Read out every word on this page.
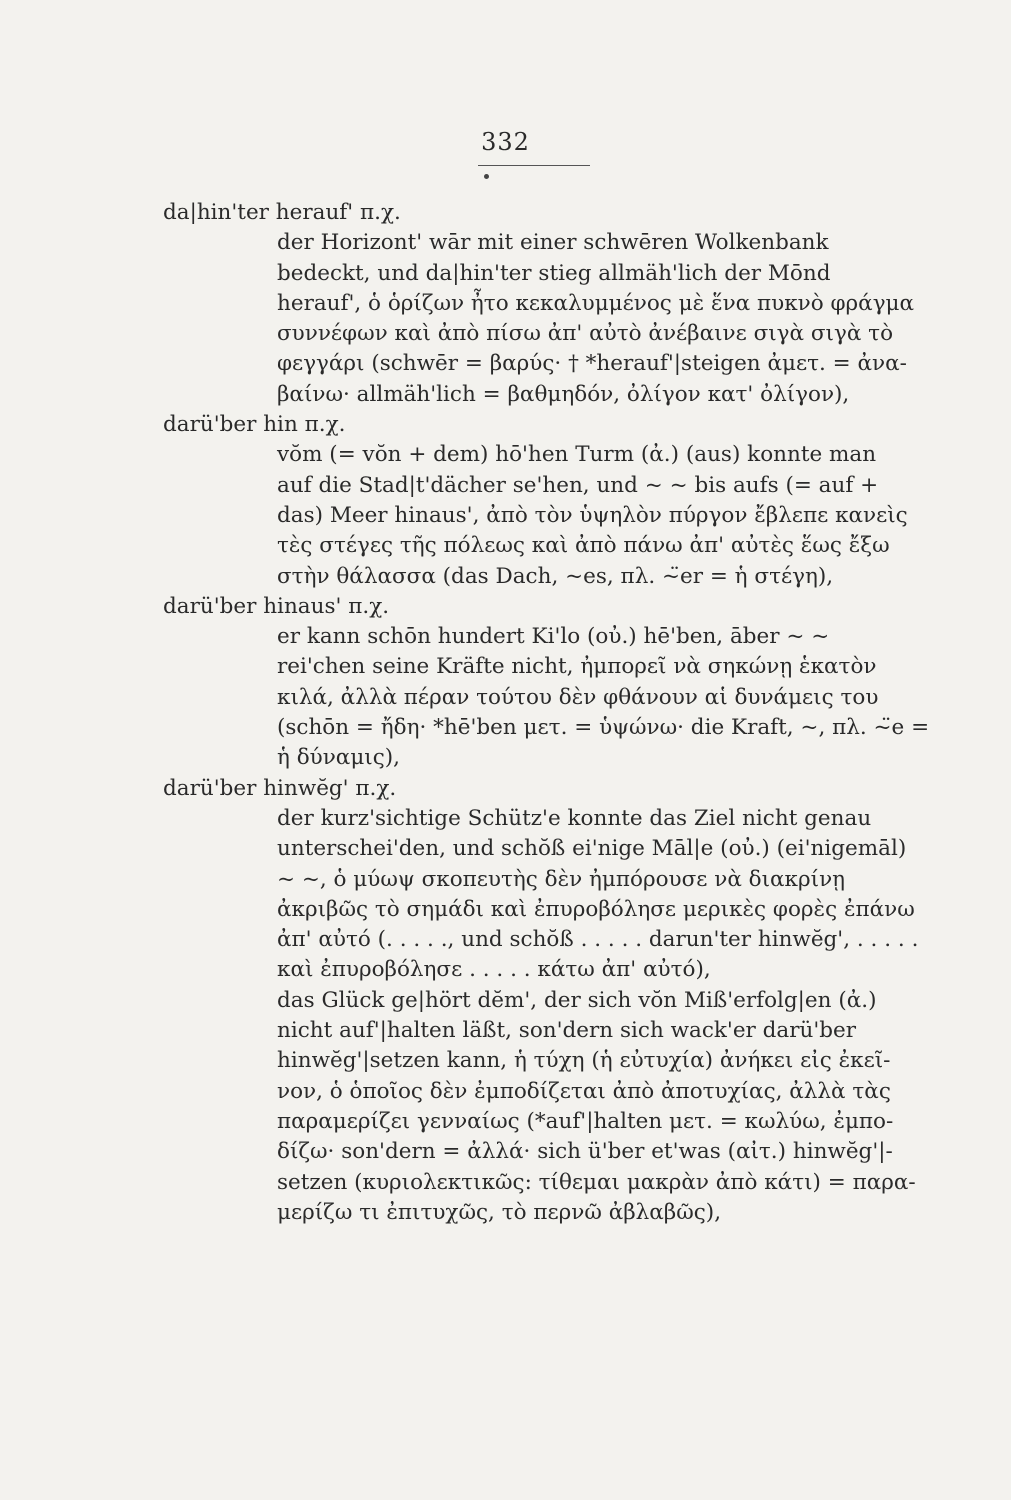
332
da|hin'ter herauf' π.χ.
der Horizont' wār mit einer schwēren Wolkenbank
bedeckt, und da|hin'ter stieg allmäh'lich der Mōnd
herauf', ὁ ὁρίζων ἦτο κεκαλυμμένος μὲ ἕνα πυκνὸ φράγμα
συννέφων καὶ ἀπὸ πίσω ἀπ' αὐτὸ ἀνέβαινε σιγὰ σιγὰ τὸ
φεγγάρι (schwēr = βαρύς· † *herauf'|steigen ἀμετ. = ἀνα-
βαίνω· allmäh'lich = βαθμηδόν, ὀλίγον κατ' ὀλίγον),
darü'ber hin π.χ.
vŏm (= vŏn + dem) hō'hen Turm (ἀ.) (aus) konnte man
auf die Stad|t'dächer se'hen, und ~ ~ bis aufs (= auf +
das) Meer hinaus', ἀπὸ τὸν ὑψηλὸν πύργον ἔβλεπε κανεὶς
τὲς στέγες τῆς πόλεως καὶ ἀπὸ πάνω ἀπ' αὐτὲς ἕως ἔξω
στὴν θάλασσα (das Dach, ~es, πλ. ~̈er = ἡ στέγη),
darü'ber hinaus' π.χ.
er kann schōn hundert Ki'lo (οὐ.) hē'ben, āber ~ ~
rei'chen seine Kräfte nicht, ἠμπορεῖ νὰ σηκώνῃ ἑκατὸν
κιλά, ἀλλὰ πέραν τούτου δὲν φθάνουν αἱ δυνάμεις του
(schōn = ἤδη· *hē'ben μετ. = ὑψώνω· die Kraft, ~, πλ. ~̈e =
ἡ δύναμις),
darü'ber hinwĕg' π.χ.
der kurz'sichtige Schütz'e konnte das Ziel nicht genau
unterschei'den, und schŏß ei'nige Māl|e (οὐ.) (ei'nigemāl)
~ ~, ὁ μύωψ σκοπευτὴς δὲν ἠμπόρουσε νὰ διακρίνῃ
ἀκριβῶς τὸ σημάδι καὶ ἐπυροβόλησε μερικὲς φορὲς ἐπάνω
ἀπ' αὐτό (. . . . ., und schŏß . . . . . darun'ter hinwĕg', . . . . .
καὶ ἐπυροβόλησε . . . . . κάτω ἀπ' αὐτό),
das Glück ge|hört dĕm', der sich vŏn Miß'erfolg|en (ἀ.)
nicht auf'|halten läßt, son'dern sich wack'er darü'ber
hinwĕg'|setzen kann, ἡ τύχη (ἡ εὐτυχία) ἀνήκει εἰς ἐκεῖ-
νον, ὁ ὁποῖος δὲν ἐμποδίζεται ἀπὸ ἀποτυχίας, ἀλλὰ τὰς
παραμερίζει γενναίως (*auf'|halten μετ. = κωλύω, ἐμπο-
δίζω· son'dern = ἀλλά· sich ü'ber et'was (αἰτ.) hinwĕg'|-
setzen (κυριολεκτικῶς: τίθεμαι μακρὰν ἀπὸ κάτι) = παρα-
μερίζω τι ἐπιτυχῶς, τὸ περνῶ ἀβλαβῶς),
